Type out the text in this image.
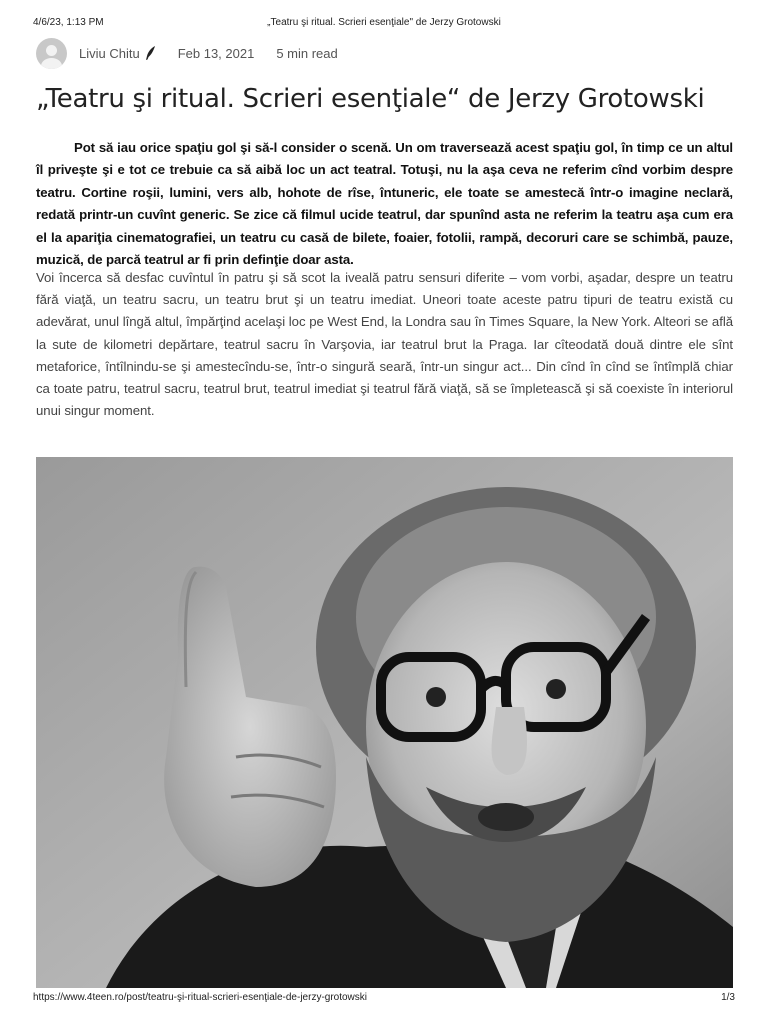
4/6/23, 1:13 PM	„Teatru şi ritual. Scrieri esenţiale" de Jerzy Grotowski
Liviu Chitu	Feb 13, 2021 5 min read
„Teatru şi ritual. Scrieri esenţiale“ de Jerzy Grotowski

Pot să iau orice spaţiu gol şi să-l consider o scenă. Un om traversează acest spaţiu gol, în timp ce un altul îl priveşte şi e tot ce trebuie ca să aibă loc un act teatral. Totuşi, nu la aşa ceva ne referim cînd vorbim despre teatru. Cortine roşii, lumini, vers alb, hohote de rîse, întuneric, ele toate se amestecă într-o imagine neclară, redată printr-un cuvînt generic. Se zice că filmul ucide teatrul, dar spunînd asta ne referim la teatru aşa cum era el la apariţia cinematografiei, un teatru cu casă de bilete, foaier, fotolii, rampă, decoruri care se schimbă, pauze, muzică, de parcă teatrul ar fi prin definţie doar asta.

Voi încerca să desfac cuvîntul în patru şi să scot la iveală patru sensuri diferite – vom vorbi, aşadar, despre un teatru fără viaţă, un teatru sacru, un teatru brut şi un teatru imediat. Uneori toate aceste patru tipuri de teatru există cu adevărat, unul lîngă altul, împărţind acelaşi loc pe West End, la Londra sau în Times Square, la New York. Alteori se află la sute de kilometri depărtare, teatrul sacru în Varşovia, iar teatrul brut la Praga. Iar cîteodată două dintre ele sînt metaforice, întîlnindu-se şi amestecîndu-se, într-o singură seară, într-un singur act... Din cînd în cînd se întîmplă chiar ca toate patru, teatrul sacru, teatrul brut, teatrul imediat şi teatrul fără viaţă, să se împletească şi să coexiste în interiorul unui singur moment.

https://www.4teen.ro/post/teatru-şi-ritual-scrieri-esenţiale-de-jerzy-grotowski	1/3
